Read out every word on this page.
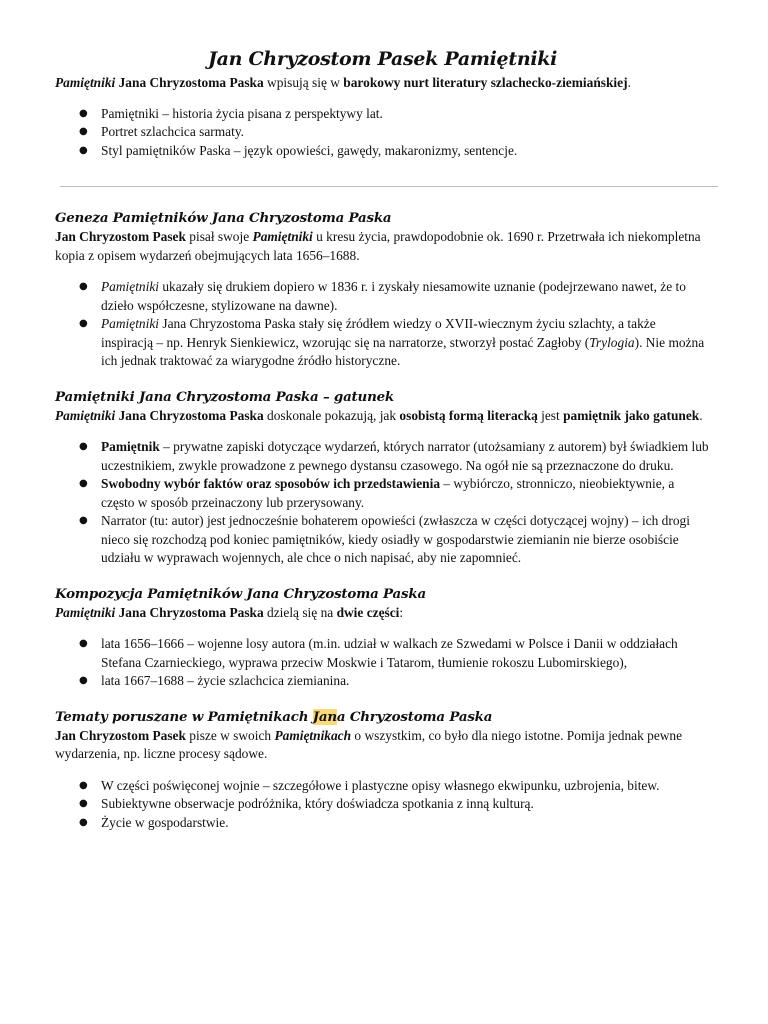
Jan Chryzostom Pasek Pamiętniki

Pamiętniki Jana Chryzostoma Paska wpisują się w barokowy nurt literatury szlachecko-ziemiańskiej.

● Pamiętniki – historia życia pisana z perspektywy lat.
● Portret szlachcica sarmaty.
● Styl pamiętników Paska – język opowieści, gawędy, makaronizmy, sentencje.
Geneza Pamiętników Jana Chryzostoma Paska

Jan Chryzostom Pasek pisał swoje Pamiętniki u kresu życia, prawdopodobnie ok. 1690 r. Przetrwała ich niekompletna kopia z opisem wydarzeń obejmujących lata 1656–1688.

● Pamiętniki ukazały się drukiem dopiero w 1836 r. i zyskały niesamowite uznanie (podejrzewano nawet, że to dzieło współczesne, stylizowane na dawne).
● Pamiętniki Jana Chryzostoma Paska stały się źródłem wiedzy o XVII-wiecznym życiu szlachty, a także inspiracją – np. Henryk Sienkiewicz, wzorując się na narratorze, stworzył postać Zagłoby (Trylogia). Nie można ich jednak traktować za wiarygodne źródło historyczne.
Pamiętniki Jana Chryzostoma Paska – gatunek

Pamiętniki Jana Chryzostoma Paska doskonale pokazują, jak osobistą formą literacką jest pamiętnik jako gatunek.

● Pamiętnik – prywatne zapiski dotyczące wydarzeń, których narrator (utożsamiany z autorem) był świadkiem lub uczestnikiem, zwykle prowadzone z pewnego dystansu czasowego. Na ogół nie są przeznaczone do druku.
● Swobodny wybór faktów oraz sposobów ich przedstawienia – wybiórczo, stronniczo, nieobiektywnie, a często w sposób przeinaczony lub przerysowany.
● Narrator (tu: autor) jest jednocześnie bohaterem opowieści (zwłaszcza w części dotyczącej wojny) – ich drogi nieco się rozchodzą pod koniec pamiętników, kiedy osiadły w gospodarstwie ziemianin nie bierze osobiście udziału w wyprawach wojennych, ale chce o nich napisać, aby nie zapomnieć.
Kompozycja Pamiętników Jana Chryzostoma Paska

Pamiętniki Jana Chryzostoma Paska dzielą się na dwie części:

● lata 1656–1666 – wojenne losy autora (m.in. udział w walkach ze Szwedami w Polsce i Danii w oddziałach Stefana Czarnieckiego, wyprawa przeciw Moskwie i Tatarom, tłumienie rokoszu Lubomirskiego),
● lata 1667–1688 – życie szlachcica ziemianina.
Tematy poruszane w Pamiętnikach Jana Chryzostoma Paska

Jan Chryzostom Pasek pisze w swoich Pamiętnikach o wszystkim, co było dla niego istotne. Pomija jednak pewne wydarzenia, np. liczne procesy sądowe.

● W części poświęconej wojnie – szczegółowe i plastyczne opisy własnego ekwipunku, uzbrojenia, bitew.
● Subiektywne obserwacje podróżnika, który doświadcza spotkania z inną kulturą.
● Życie w gospodarstwie.
